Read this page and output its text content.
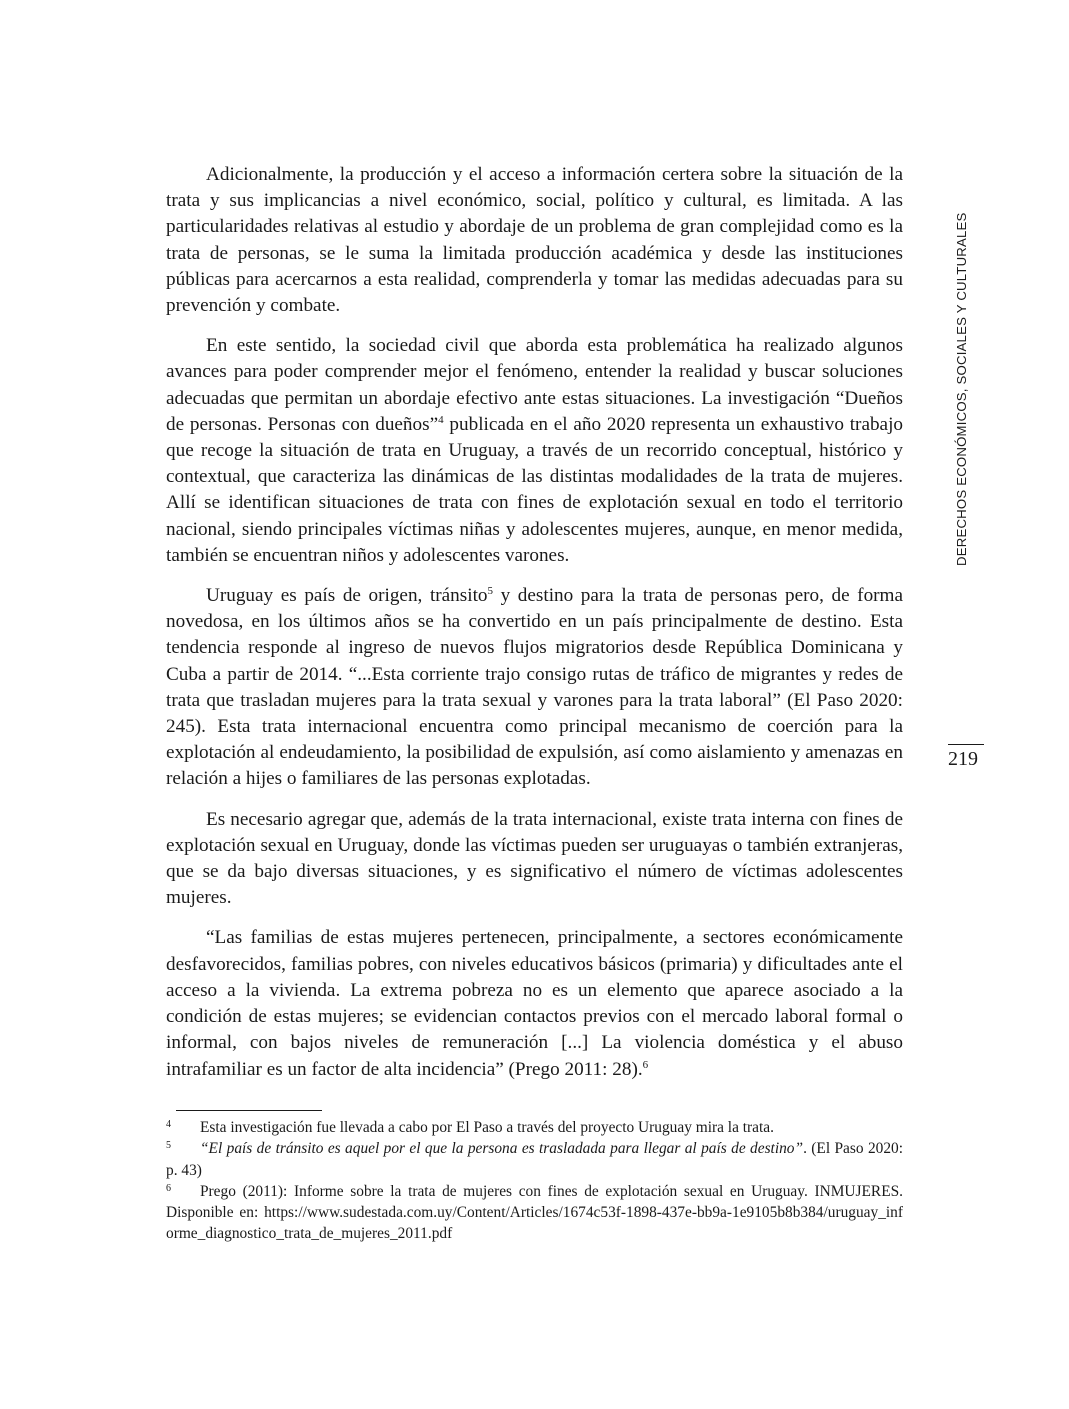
Adicionalmente, la producción y el acceso a información certera sobre la situación de la trata y sus implicancias a nivel económico, social, político y cultural, es limitada. A las particularidades relativas al estudio y abordaje de un problema de gran complejidad como es la trata de personas, se le suma la limitada producción académica y desde las instituciones públicas para acercarnos a esta realidad, comprenderla y tomar las medidas adecuadas para su prevención y combate.

En este sentido, la sociedad civil que aborda esta problemática ha realizado algunos avances para poder comprender mejor el fenómeno, entender la realidad y buscar soluciones adecuadas que permitan un abordaje efectivo ante estas situaciones. La investigación “Dueños de personas. Personas con dueños”$^4$ publicada en el año 2020 representa un exhaustivo trabajo que recoge la situación de trata en Uruguay, a través de un recorrido conceptual, histórico y contextual, que caracteriza las dinámicas de las distintas modalidades de la trata de mujeres. Allí se identifican situaciones de trata con fines de explotación sexual en todo el territorio nacional, siendo principales víctimas niñas y adolescentes mujeres, aunque, en menor medida, también se encuentran niños y adolescentes varones.

Uruguay es país de origen, tránsito$^5$ y destino para la trata de personas pero, de forma novedosa, en los últimos años se ha convertido en un país principalmente de destino. Esta tendencia responde al ingreso de nuevos flujos migratorios desde República Dominicana y Cuba a partir de 2014. “...Esta corriente trajo consigo rutas de tráfico de migrantes y redes de trata que trasladan mujeres para la trata sexual y varones para la trata laboral” (El Paso 2020: 245). Esta trata internacional encuentra como principal mecanismo de coerción para la explotación al endeudamiento, la posibilidad de expulsión, así como aislamiento y amenazas en relación a hijes o familiares de las personas explotadas.

Es necesario agregar que, además de la trata internacional, existe trata interna con fines de explotación sexual en Uruguay, donde las víctimas pueden ser uruguayas o también extranjeras, que se da bajo diversas situaciones, y es significativo el número de víctimas adolescentes mujeres.

“Las familias de estas mujeres pertenecen, principalmente, a sectores económicamente desfavorecidos, familias pobres, con niveles educativos básicos (primaria) y dificultades ante el acceso a la vivienda. La extrema pobreza no es un elemento que aparece asociado a la condición de estas mujeres; se evidencian contactos previos con el mercado laboral formal o informal, con bajos niveles de remuneración [...] La violencia doméstica y el abuso intrafamiliar es un factor de alta incidencia” (Prego 2011: 28).$^6$

DERECHOS ECONÓMICOS, SOCIALES Y CULTURALES
219

4 Esta investigación fue llevada a cabo por El Paso a través del proyecto Uruguay mira la trata.

5 “El país de tránsito es aquel por el que la persona es trasladada para llegar al país de destino”. (El Paso 2020: p. 43)

6 Prego (2011): Informe sobre la trata de mujeres con fines de explotación sexual en Uruguay. INMUJERES. Disponible en: https://www.sudestada.com.uy/Content/Articles/1674c53f-1898-437e-bb9a-1e9105b8b384/uruguay_informe_diagnostico_trata_de_mujeres_2011.pdf
